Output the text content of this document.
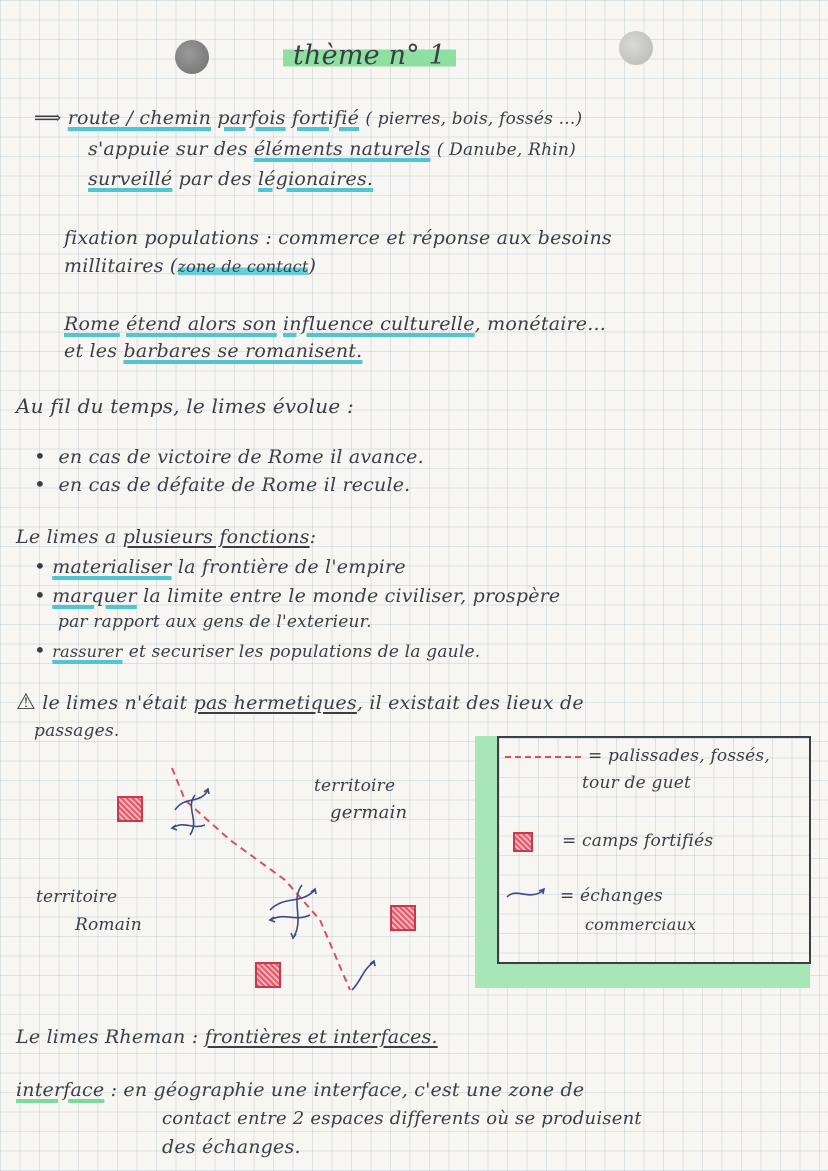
thème n° 1
⟹ route / chemin parfois fortifié ( pierres, bois, fossés ...)
s'appuie sur des éléments naturels ( Danube, Rhin)
surveillé par des légionaires.
fixation populations : commerce et réponse aux besoins
millitaires (zone de contact)
Rome étend alors son influence culturelle, monétaire...
et les barbares se romanisent.
Au fil du temps, le limes évolue :
• en cas de victoire de Rome il avance.
• en cas de défaite de Rome il recule.
Le limes a plusieurs fonctions:
• materialiser la frontière de l'empire
• marquer la limite entre le monde civiliser, prospère
par rapport aux gens de l'exterieur.
• rassurer et securiser les populations de la gaule.
⚠ le limes n'était pas hermetiques, il existait des lieux de
passages.
territoire
germain
territoire
Romain
= palissades, fossés,
tour de guet
= camps fortifiés
= échanges
commerciaux
Le limes Rheman : frontières et interfaces.
interface : en géographie une interface, c'est une zone de
contact entre 2 espaces differents où se produisent
des échanges.
